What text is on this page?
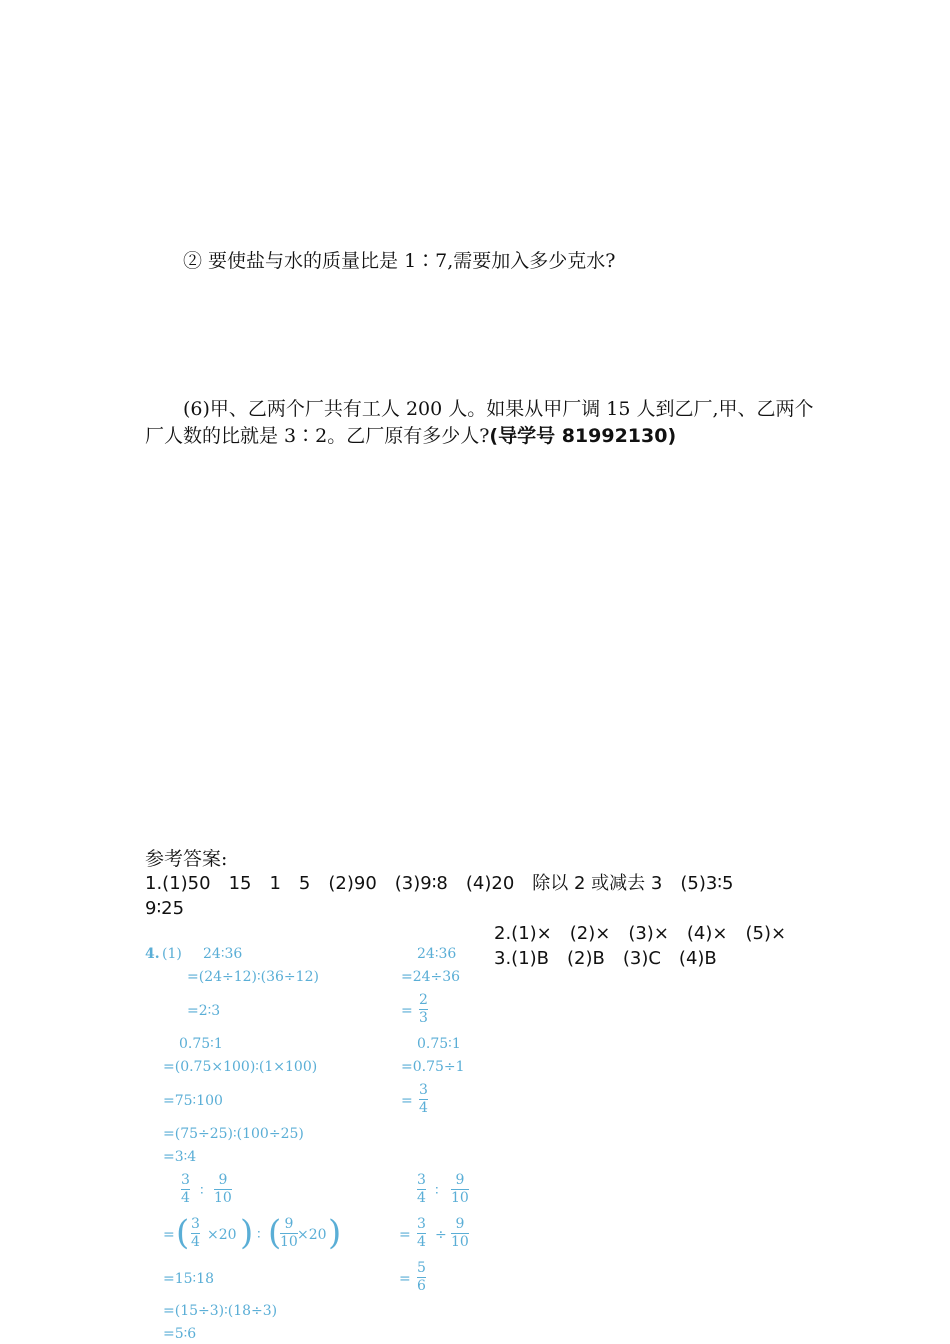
② 要使盐与水的质量比是 1∶7,需要加入多少克水?
(6)甲、乙两个厂共有工人 200 人。如果从甲厂调 15 人到乙厂,甲、乙两个
厂人数的比就是 3∶2。乙厂原有多少人?(导学号 81992130)
参考答案:
1.(1)50　15　1　5　(2)90　(3)9∶8　(4)20　除以 2 或减去 3　(5)3∶5
9∶25
2.(1)×　(2)×　(3)×　(4)×　(5)×
3.(1)B　(2)B　(3)C　(4)B
4. (1) 24∶36
=(24÷12)∶(36÷12)
=2∶3
0.75∶1
=(0.75×100)∶(1×100)
=75∶100
=(75÷25)∶(100÷25)
=3∶4
3
4 ∶
9
10
= ( 3
4 ×20 ) ∶ ( 9
10 ×20 )
=15∶18
=(15÷3)∶(18÷3)
=5∶6
24∶36
=24÷36
=
2
3
0.75∶1
=0.75÷1
=
3
4
3
4 ∶
9
10
=
3
4 ÷
9
10
=
5
6
